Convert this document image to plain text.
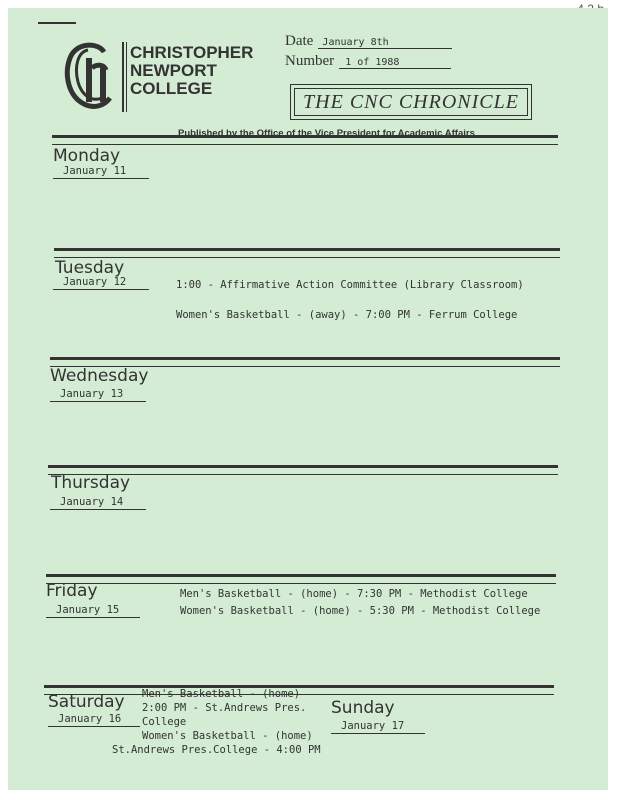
CHRISTOPHER
NEWPORT
COLLEGE
Date January 8th
Number 1 of 1988
THE CNC CHRONICLE
Published by the Office of the Vice President for Academic Affairs
Monday
January 11
Tuesday
January 12	1:00 - Affirmative Action Committee (Library Classroom)
Women's Basketball - (away) - 7:00 PM - Ferrum College
Wednesday
January 13
Thursday
January 14
Friday
January 15
Men's Basketball - (home) - 7:30 PM - Methodist College
Women's Basketball - (home) - 5:30 PM - Methodist College
Saturday
January 16
Men's Basketball - (home)
2:00 PM - St.Andrews Pres.
College
Women's Basketball - (home)
St.Andrews Pres.College - 4:00 PM
Sunday
January 17
